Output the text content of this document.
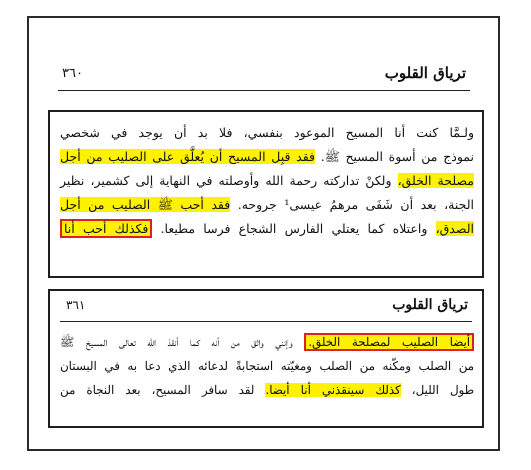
ترياق القلوب
٣٦٠
ولـمَّا كنت أنا المسيح الموعود بنفسي، فلا بد أن يوجد في شخصي
نموذج من أسوة المسيح ﷺ. فقد قبِل المسيح أن يُعلَّق على الصليب من أجل
مصلحة الخلق، ولكنْ تداركته رحمة الله وأوصلته في النهاية إلى كشمير، نظير
الجنة، بعد أن شَفَى مرهمُ عيسى¹ جروحه. فقد أحب ﷺ الصليب من أجل
الصدق، واعتلاه كما يعتلي الفارس الشجاع فرسا مطيعا. فكذلك أحب أنا
ترياق القلوب
٣٦١
أيضا الصليب لمصلحة الخلق. وإنني واثق من أنه كما أنقذ الله تعالى المسيحَ ﷺ
من الصلب ومكّنه من الصلب ومغيّته استجابةً لدعائه الذي دعا به في البستان
طول الليل، كذلك سينقذني أنا أيضا. لقد سافر المسيح، بعد النجاة من
